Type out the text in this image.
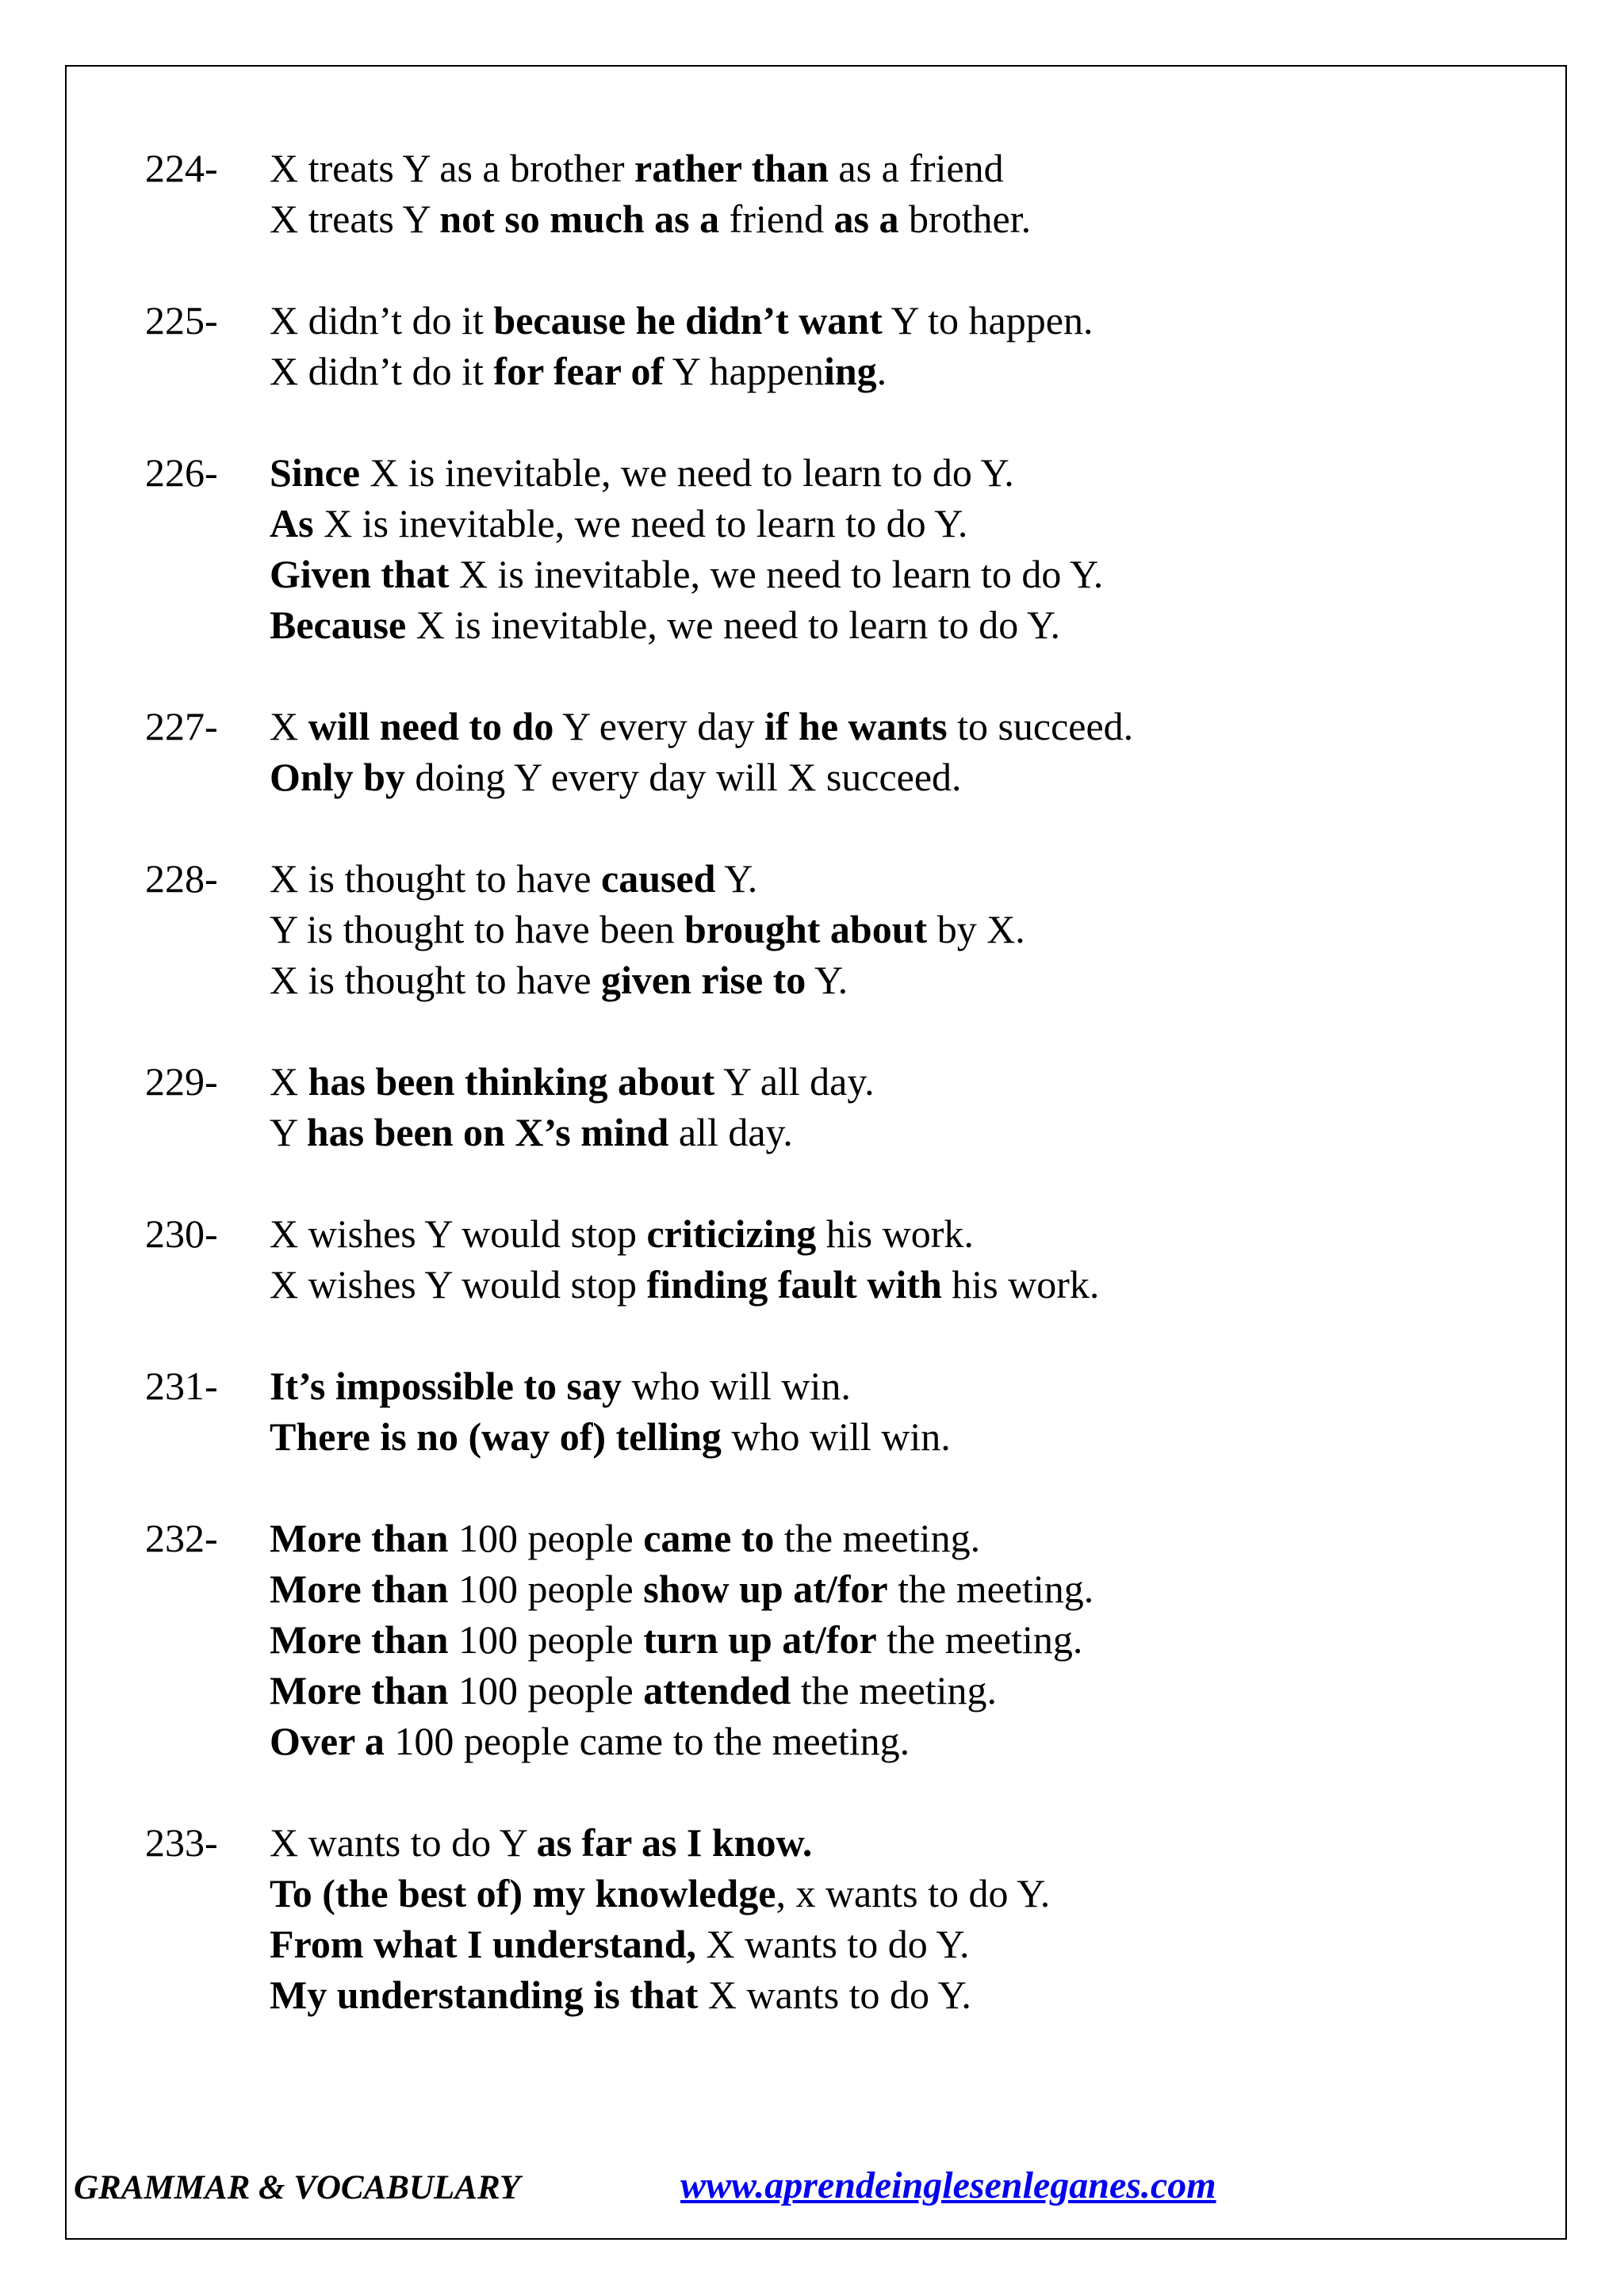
224-	X treats Y as a brother rather than as a friend
X treats Y not so much as a friend as a brother.
225-	X didn’t do it because he didn’t want Y to happen.
X didn’t do it for fear of Y happening.
226-	Since X is inevitable, we need to learn to do Y.
As X is inevitable, we need to learn to do Y.
Given that X is inevitable, we need to learn to do Y.
Because X is inevitable, we need to learn to do Y.
227-	X will need to do Y every day if he wants to succeed.
Only by doing Y every day will X succeed.
228-	X is thought to have caused Y.
Y is thought to have been brought about by X.
X is thought to have given rise to Y.
229-	X has been thinking about Y all day.
Y has been on X’s mind all day.
230-	X wishes Y would stop criticizing his work.
X wishes Y would stop finding fault with his work.
231-	It’s impossible to say who will win.
There is no (way of) telling who will win.
232-	More than 100 people came to the meeting.
More than 100 people show up at/for the meeting.
More than 100 people turn up at/for the meeting.
More than 100 people attended the meeting.
Over a 100 people came to the meeting.
233-	X wants to do Y as far as I know.
To (the best of) my knowledge, x wants to do Y.
From what I understand, X wants to do Y.
My understanding is that X wants to do Y.
GRAMMAR & VOCABULARY	www.aprendeinglesenleganes.com
